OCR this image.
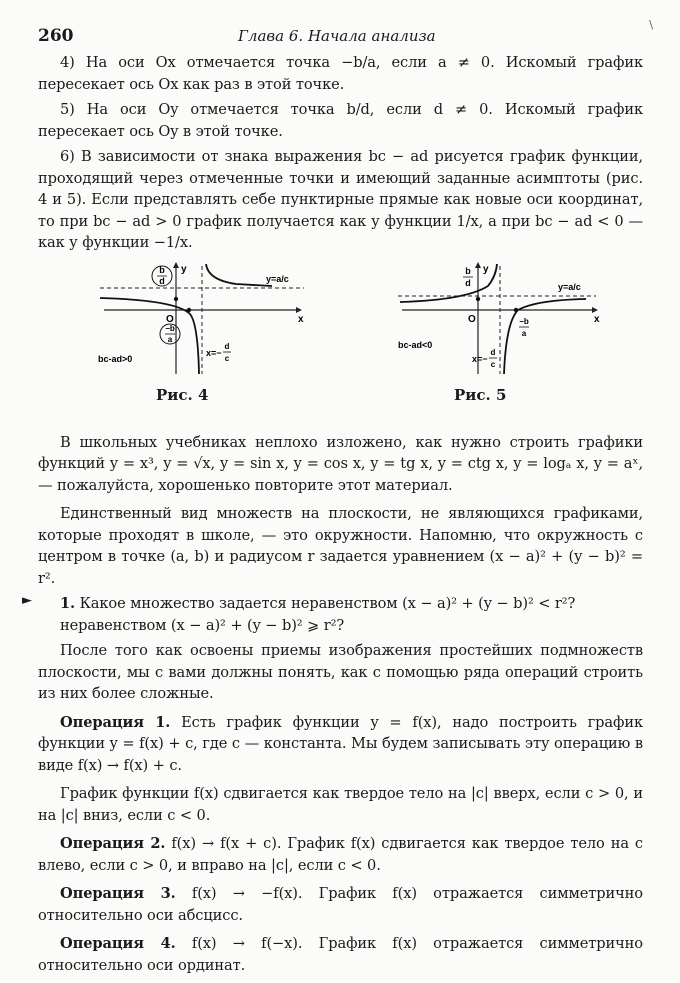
260	Глава 6. Начала анализа
\

4) На оси Ox отмечается точка −b/a, если a ≠ 0. Искомый график пересекает ось Ox как раз в этой точке.

5) На оси Oy отмечается точка b/d, если d ≠ 0. Искомый график пересекает ось Oy в этой точке.

6) В зависимости от знака выражения bc − ad рисуется график функции, проходящий через отмеченные точки и имеющий заданные асимптоты (рис. 4 и 5). Если представлять себе пунктирные прямые как новые оси координат, то при bc − ad > 0 график получается как у функции 1/x, а при bc − ad < 0 — как у функции −1/x.

b
d
−b
a
y
x
O
y=a/c
x=−
d
c
bc-ad>0
Рис. 4
b
d
−b
a
y
x
O
y=a/c
x=−
d
c
bc-ad<0
Рис. 5

В школьных учебниках неплохо изложено, как нужно строить графики функций y = x³, y = √x, y = sin x, y = cos x, y = tg x, y = ctg x, y = logₐ x, y = aˣ, — пожалуйста, хорошенько повторите этот материал.

Единственный вид множеств на плоскости, не являющихся графиками, которые проходят в школе, — это окружности. Напомню, что окружность с центром в точке (a, b) и радиусом r задается уравнением (x − a)² + (y − b)² = r².

► 1. Какое множество задается неравенством (x − a)² + (y − b)² < r²?

неравенством (x − a)² + (y − b)² ⩾ r²?

После того как освоены приемы изображения простейших подмножеств плоскости, мы с вами должны понять, как с помощью ряда операций строить из них более сложные.

Операция 1. Есть график функции y = f(x), надо построить график функции y = f(x) + c, где c — константа. Мы будем записывать эту операцию в виде f(x) → f(x) + c.

График функции f(x) сдвигается как твердое тело на |c| вверх, если c > 0, и на |c| вниз, если c < 0.

Операция 2. f(x) → f(x + c). График f(x) сдвигается как твердое тело на c влево, если c > 0, и вправо на |c|, если c < 0.

Операция 3. f(x) → −f(x). График f(x) отражается симметрично относительно оси абсцисс.

Операция 4. f(x) → f(−x). График f(x) отражается симметрично относительно оси ординат.
